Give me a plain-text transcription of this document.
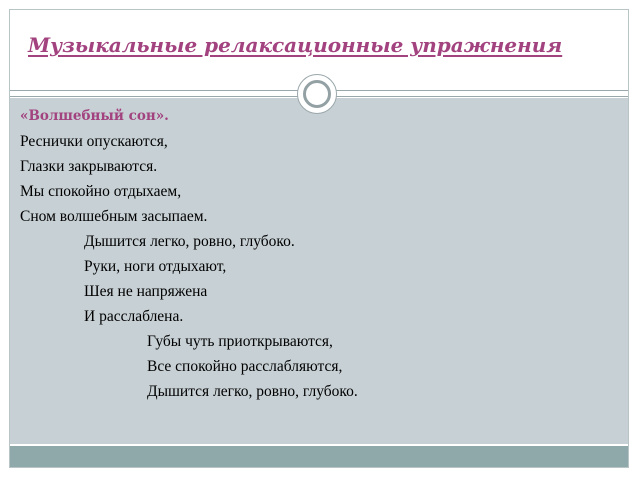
Музыкальные релаксационные упражнения
«Волшебный сон».
Реснички опускаются,
Глазки закрываются.
Мы спокойно отдыхаем,
Сном волшебным засыпаем.
Дышится легко, ровно, глубоко.
Руки, ноги отдыхают,
Шея не напряжена
И расслаблена.
Губы чуть приоткрываются,
Все спокойно расслабляются,
Дышится легко, ровно, глубоко.
